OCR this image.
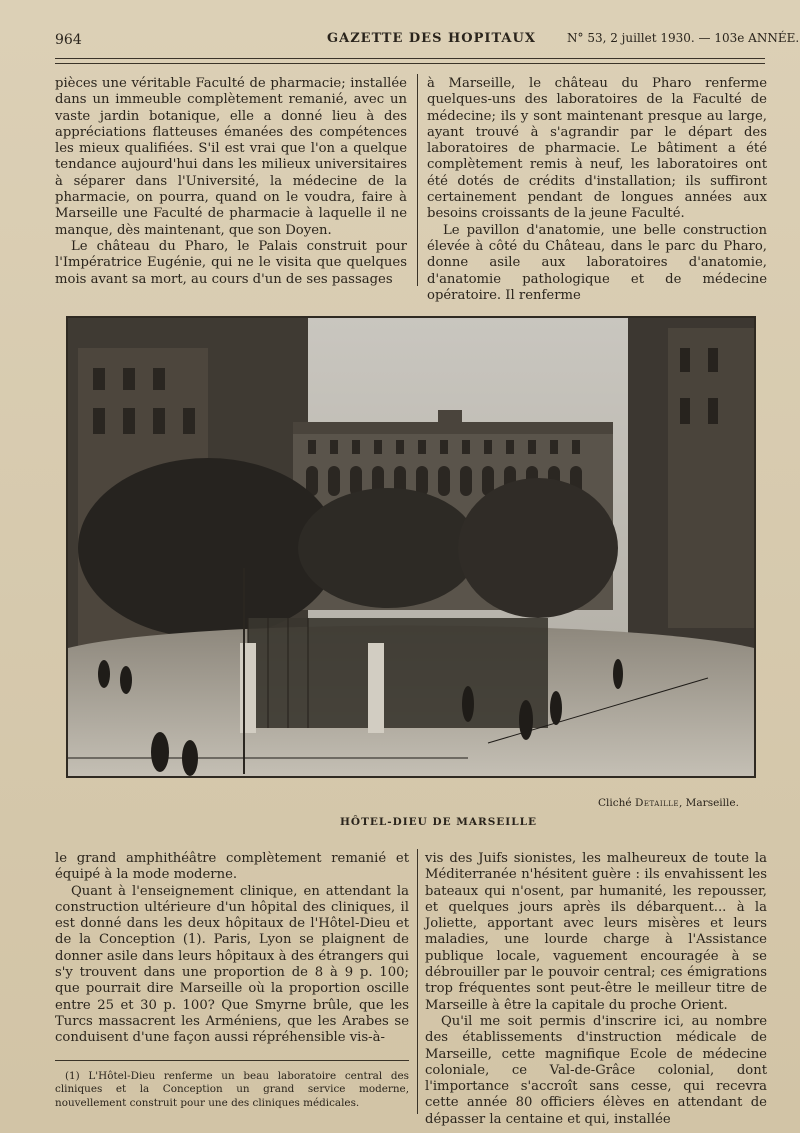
964	GAZETTE DES HOPITAUX	N° 53, 2 juillet 1930. — 103e ANNÉE.

pièces une véritable Faculté de pharmacie; installée dans un immeuble complètement remanié, avec un vaste jardin botanique, elle a donné lieu à des appréciations flatteuses émanées des compétences les mieux qualifiées. S'il est vrai que l'on a quelque tendance aujourd'hui dans les milieux universitaires à séparer dans l'Université, la médecine de la pharmacie, on pourra, quand on le voudra, faire à Marseille une Faculté de pharmacie à laquelle il ne manque, dès maintenant, que son Doyen.

Le château du Pharo, le Palais construit pour l'Impératrice Eugénie, qui ne le visita que quelques mois avant sa mort, au cours d'un de ses passages

à Marseille, le château du Pharo renferme quelques-uns des laboratoires de la Faculté de médecine; ils y sont maintenant presque au large, ayant trouvé à s'agrandir par le départ des laboratoires de pharmacie. Le bâtiment a été complètement remis à neuf, les laboratoires ont été dotés de crédits d'installation; ils suffiront certainement pendant de longues années aux besoins croissants de la jeune Faculté.

Le pavillon d'anatomie, une belle construction élevée à côté du Château, dans le parc du Pharo, donne asile aux laboratoires d'anatomie, d'anatomie pathologique et de médecine opératoire. Il renferme

Cliché Detaille, Marseille.
HÔTEL-DIEU DE MARSEILLE

le grand amphithéâtre complètement remanié et équipé à la mode moderne.

Quant à l'enseignement clinique, en attendant la construction ultérieure d'un hôpital des cliniques, il est donné dans les deux hôpitaux de l'Hôtel-Dieu et de la Conception (1). Paris, Lyon se plaignent de donner asile dans leurs hôpitaux à des étrangers qui s'y trouvent dans une proportion de 8 à 9 p. 100; que pourrait dire Marseille où la proportion oscille entre 25 et 30 p. 100? Que Smyrne brûle, que les Turcs massacrent les Arméniens, que les Arabes se conduisent d'une façon aussi répréhensible vis-à-

vis des Juifs sionistes, les malheureux de toute la Méditerranée n'hésitent guère : ils envahissent les bateaux qui n'osent, par humanité, les repousser, et quelques jours après ils débarquent... à la Joliette, apportant avec leurs misères et leurs maladies, une lourde charge à l'Assistance publique locale, vaguement encouragée à se débrouiller par le pouvoir central; ces émigrations trop fréquentes sont peut-être le meilleur titre de Marseille à être la capitale du proche Orient.

Qu'il me soit permis d'inscrire ici, au nombre des établissements d'instruction médicale de Marseille, cette magnifique Ecole de médecine coloniale, ce Val-de-Grâce colonial, dont l'importance s'accroît sans cesse, qui recevra cette année 80 officiers élèves en attendant de dépasser la centaine et qui, installée

(1) L'Hôtel-Dieu renferme un beau laboratoire central des cliniques et la Conception un grand service moderne, nouvellement construit pour une des cliniques médicales.
